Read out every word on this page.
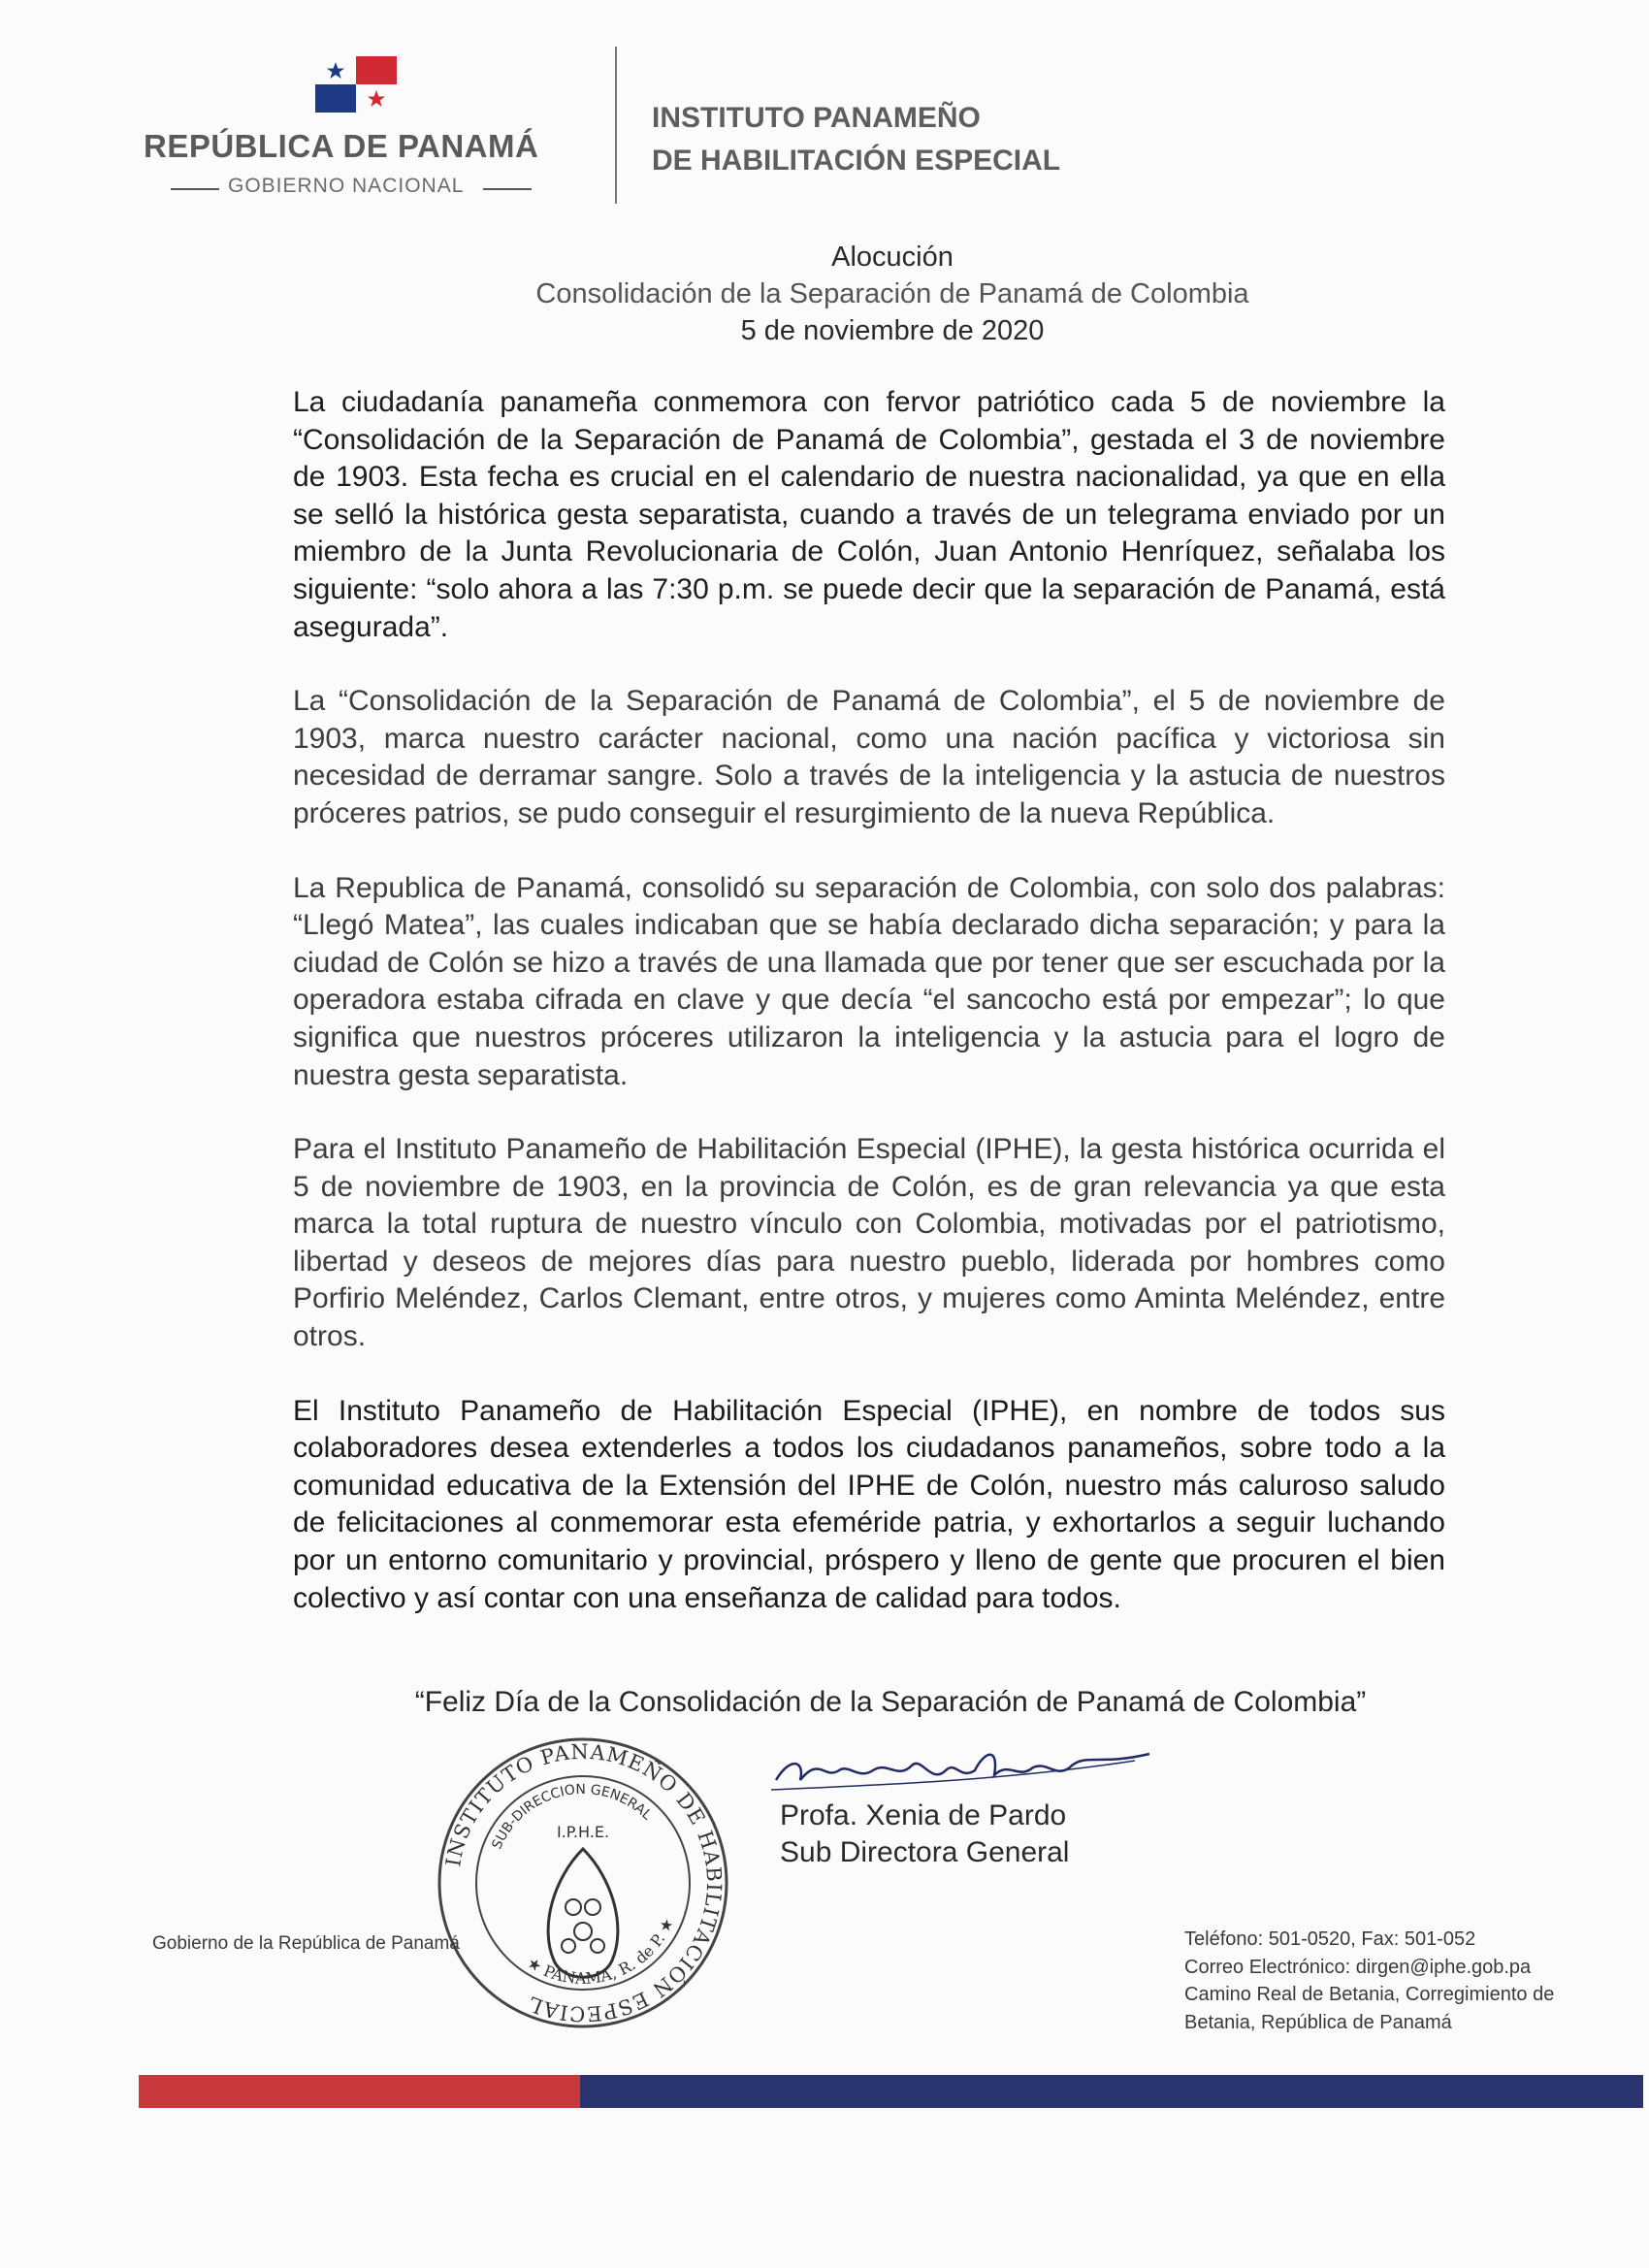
REPÚBLICA DE PANAMÁ
GOBIERNO NACIONAL
INSTITUTO PANAMEÑO
DE HABILITACIÓN ESPECIAL
Alocución
Consolidación de la Separación de Panamá de Colombia
5 de noviembre de 2020

La ciudadanía panameña conmemora con fervor patriótico cada 5 de noviembre la “Consolidación de la Separación de Panamá de Colombia”, gestada el 3 de noviembre de 1903. Esta fecha es crucial en el calendario de nuestra nacionalidad, ya que en ella se selló la histórica gesta separatista, cuando a través de un telegrama enviado por un miembro de la Junta Revolucionaria de Colón, Juan Antonio Henríquez, señalaba los siguiente: “solo ahora a las 7:30 p.m. se puede decir que la separación de Panamá, está asegurada”.

La “Consolidación de la Separación de Panamá de Colombia”, el 5 de noviembre de 1903, marca nuestro carácter nacional, como una nación pacífica y victoriosa sin necesidad de derramar sangre. Solo a través de la inteligencia y la astucia de nuestros próceres patrios, se pudo conseguir el resurgimiento de la nueva República.

La Republica de Panamá, consolidó su separación de Colombia, con solo dos palabras: “Llegó Matea”, las cuales indicaban que se había declarado dicha separación; y para la ciudad de Colón se hizo a través de una llamada que por tener que ser escuchada por la operadora estaba cifrada en clave y que decía “el sancocho está por empezar”; lo que significa que nuestros próceres utilizaron la inteligencia y la astucia para el logro de nuestra gesta separatista.

Para el Instituto Panameño de Habilitación Especial (IPHE), la gesta histórica ocurrida el 5 de noviembre de 1903, en la provincia de Colón, es de gran relevancia ya que esta marca la total ruptura de nuestro vínculo con Colombia, motivadas por el patriotismo, libertad y deseos de mejores días para nuestro pueblo, liderada por hombres como Porfirio Meléndez, Carlos Clemant, entre otros, y mujeres como Aminta Meléndez, entre otros.

El Instituto Panameño de Habilitación Especial (IPHE), en nombre de todos sus colaboradores desea extenderles a todos los ciudadanos panameños, sobre todo a la comunidad educativa de la Extensión del IPHE de Colón, nuestro más caluroso saludo de felicitaciones al conmemorar esta efeméride patria, y exhortarlos a seguir luchando por un entorno comunitario y provincial, próspero y lleno de gente que procuren el bien colectivo y así contar con una enseñanza de calidad para todos.

“Feliz Día de la Consolidación de la Separación de Panamá de Colombia”
INSTITUTO PANAMEÑO DE HABILITACIÓN ESPECIAL
SUB-DIRECCION GENERAL
I.P.H.E.
★ PANAMA, R. de P. ★
Profa. Xenia de Pardo
Sub Directora General
Gobierno de la República de Panamá	Teléfono: 501-0520, Fax: 501-052
Correo Electrónico: dirgen@iphe.gob.pa
Camino Real de Betania, Corregimiento de
Betania, República de Panamá
